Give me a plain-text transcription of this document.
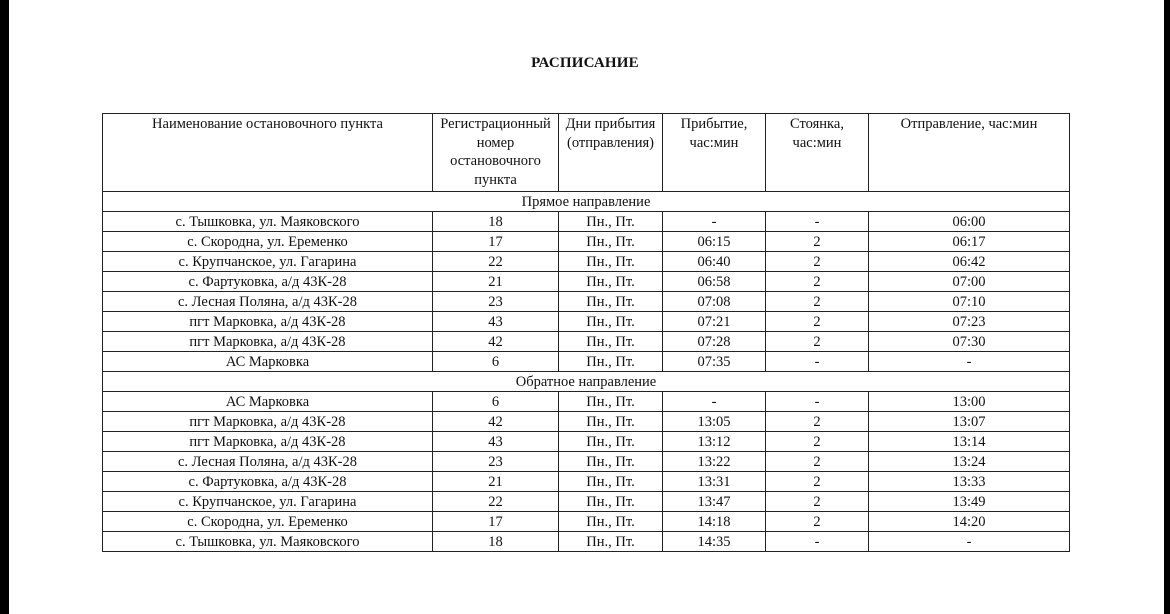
РАСПИСАНИЕ
Наименование остановочного пункта	Регистрационный номер остановочного пункта	Дни прибытия (отправления)	Прибытие, час:мин	Стоянка, час:мин	Отправление, час:мин
Прямое направление					
с. Тышковка, ул. Маяковского	18	Пн., Пт.	-	-	06:00
с. Скородна, ул. Еременко	17	Пн., Пт.	06:15	2	06:17
с. Крупчанское, ул. Гагарина	22	Пн., Пт.	06:40	2	06:42
с. Фартуковка, а/д 43К-28	21	Пн., Пт.	06:58	2	07:00
с. Лесная Поляна, а/д 43К-28	23	Пн., Пт.	07:08	2	07:10
пгт Марковка, а/д 43К-28	43	Пн., Пт.	07:21	2	07:23
пгт Марковка, а/д 43К-28	42	Пн., Пт.	07:28	2	07:30
АС Марковка	6	Пн., Пт.	07:35	-	-
Обратное направление					
АС Марковка	6	Пн., Пт.	-	-	13:00
пгт Марковка, а/д 43К-28	42	Пн., Пт.	13:05	2	13:07
пгт Марковка, а/д 43К-28	43	Пн., Пт.	13:12	2	13:14
с. Лесная Поляна, а/д 43К-28	23	Пн., Пт.	13:22	2	13:24
с. Фартуковка, а/д 43К-28	21	Пн., Пт.	13:31	2	13:33
с. Крупчанское, ул. Гагарина	22	Пн., Пт.	13:47	2	13:49
с. Скородна, ул. Еременко	17	Пн., Пт.	14:18	2	14:20
с. Тышковка, ул. Маяковского	18	Пн., Пт.	14:35	-	-
